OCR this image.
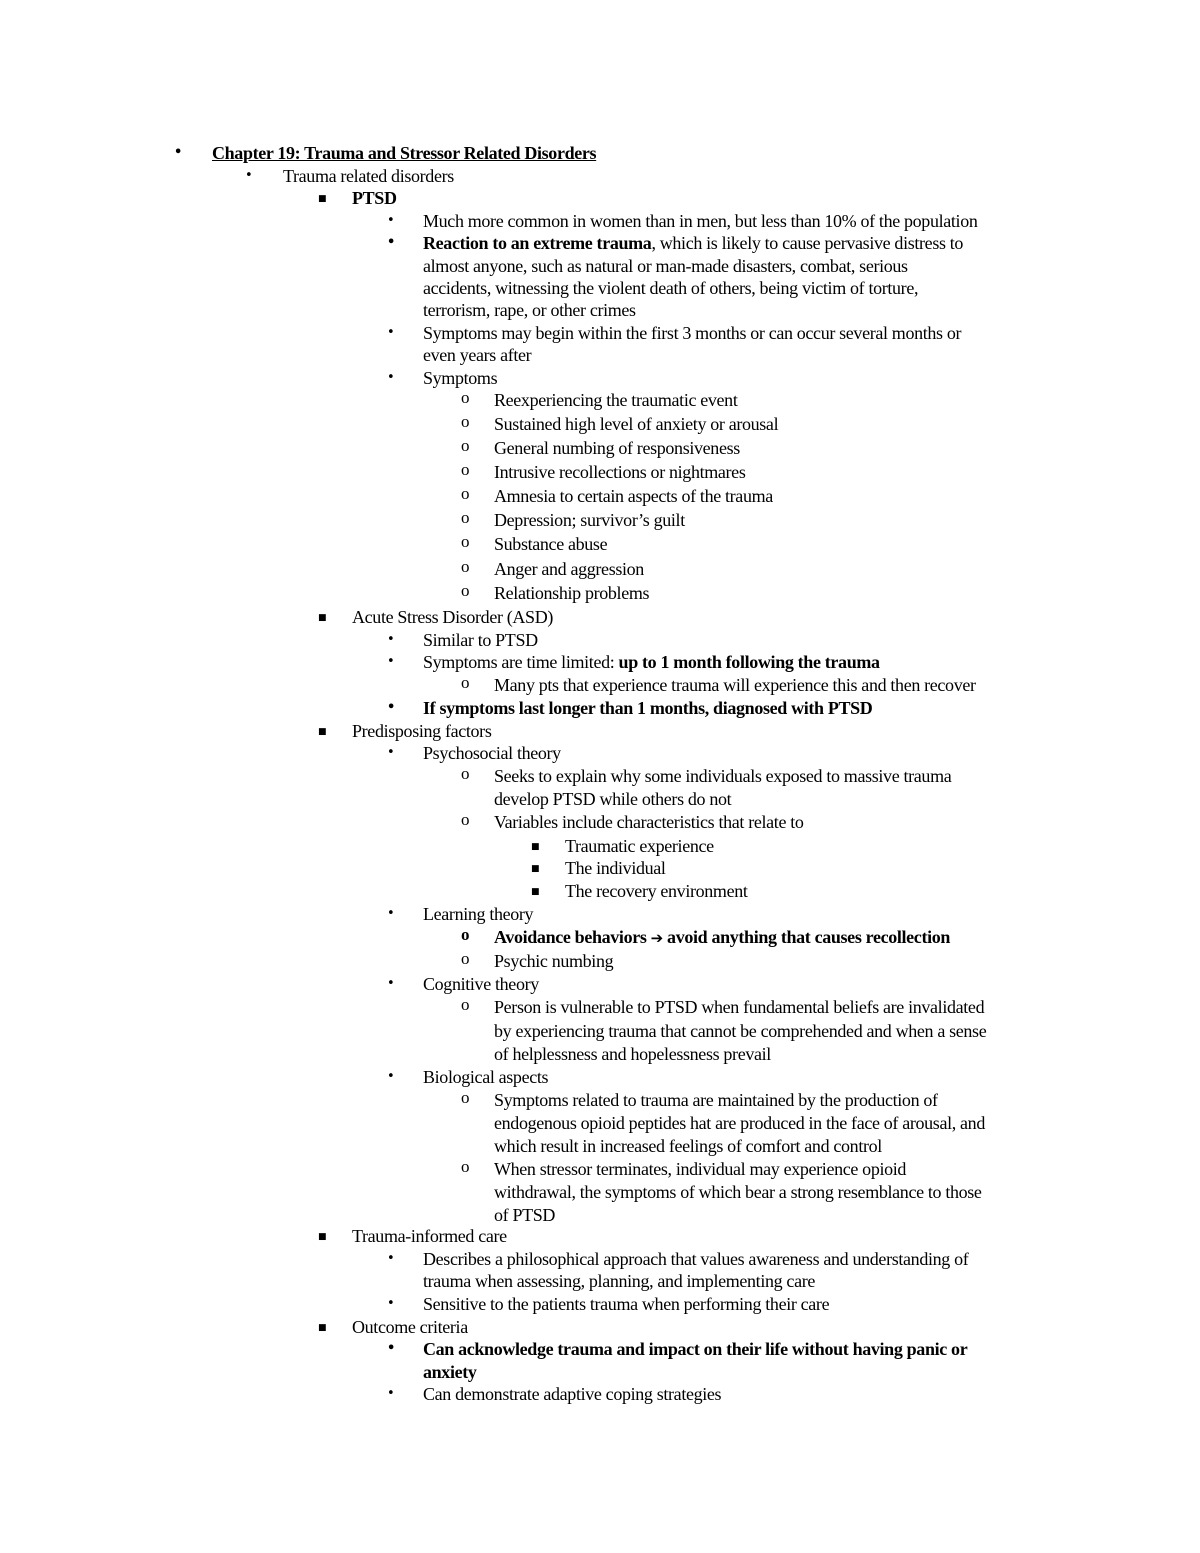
• Chapter 19: Trauma and Stressor Related Disorders
• Trauma related disorders
■ PTSD
• Much more common in women than in men, but less than 10% of the population
• Reaction to an extreme trauma, which is likely to cause pervasive distress to
almost anyone, such as natural or man-made disasters, combat, serious
accidents, witnessing the violent death of others, being victim of torture,
terrorism, rape, or other crimes
• Symptoms may begin within the first 3 months or can occur several months or
even years after
• Symptoms
o Reexperiencing the traumatic event
o Sustained high level of anxiety or arousal
o General numbing of responsiveness
o Intrusive recollections or nightmares
o Amnesia to certain aspects of the trauma
o Depression; survivor’s guilt
o Substance abuse
o Anger and aggression
o Relationship problems
■ Acute Stress Disorder (ASD)
• Similar to PTSD
• Symptoms are time limited: up to 1 month following the trauma
o Many pts that experience trauma will experience this and then recover
• If symptoms last longer than 1 months, diagnosed with PTSD
■ Predisposing factors
• Psychosocial theory
o Seeks to explain why some individuals exposed to massive trauma
develop PTSD while others do not
o Variables include characteristics that relate to
■ Traumatic experience
■ The individual
■ The recovery environment
• Learning theory
o Avoidance behaviors ➔ avoid anything that causes recollection
o Psychic numbing
• Cognitive theory
o Person is vulnerable to PTSD when fundamental beliefs are invalidated
by experiencing trauma that cannot be comprehended and when a sense
of helplessness and hopelessness prevail
• Biological aspects
o Symptoms related to trauma are maintained by the production of
endogenous opioid peptides hat are produced in the face of arousal, and
which result in increased feelings of comfort and control
o When stressor terminates, individual may experience opioid
withdrawal, the symptoms of which bear a strong resemblance to those
of PTSD
■ Trauma-informed care
• Describes a philosophical approach that values awareness and understanding of
trauma when assessing, planning, and implementing care
• Sensitive to the patients trauma when performing their care
■ Outcome criteria
• Can acknowledge trauma and impact on their life without having panic or
anxiety
• Can demonstrate adaptive coping strategies
